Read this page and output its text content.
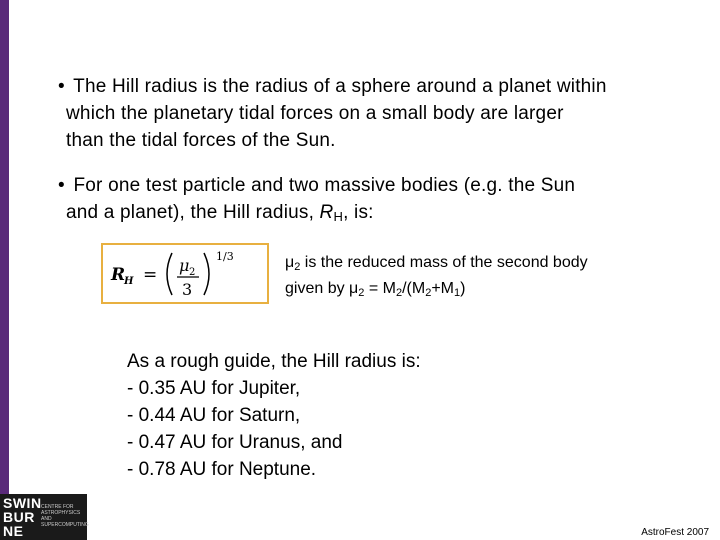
• The Hill radius is the radius of a sphere around a planet within
which the planetary tidal forces on a small body are larger
than the tidal forces of the Sun.
• For one test particle and two massive bodies (e.g. the Sun
and a planet), the Hill radius, $R_H$, is:
R
H = μ 2
3
1/3	$\mu_2$ is the reduced mass of the second body
given by $\mu_2 = M_2/(M_2+M_1)$
As a rough guide, the Hill radius is:
- 0.35 AU for Jupiter,
- 0.44 AU for Saturn,
- 0.47 AU for Uranus, and
- 0.78 AU for Neptune.
SWIN
BUR
NE
CENTRE FOR
ASTROPHYSICS AND
SUPERCOMPUTING
AstroFest 2007
